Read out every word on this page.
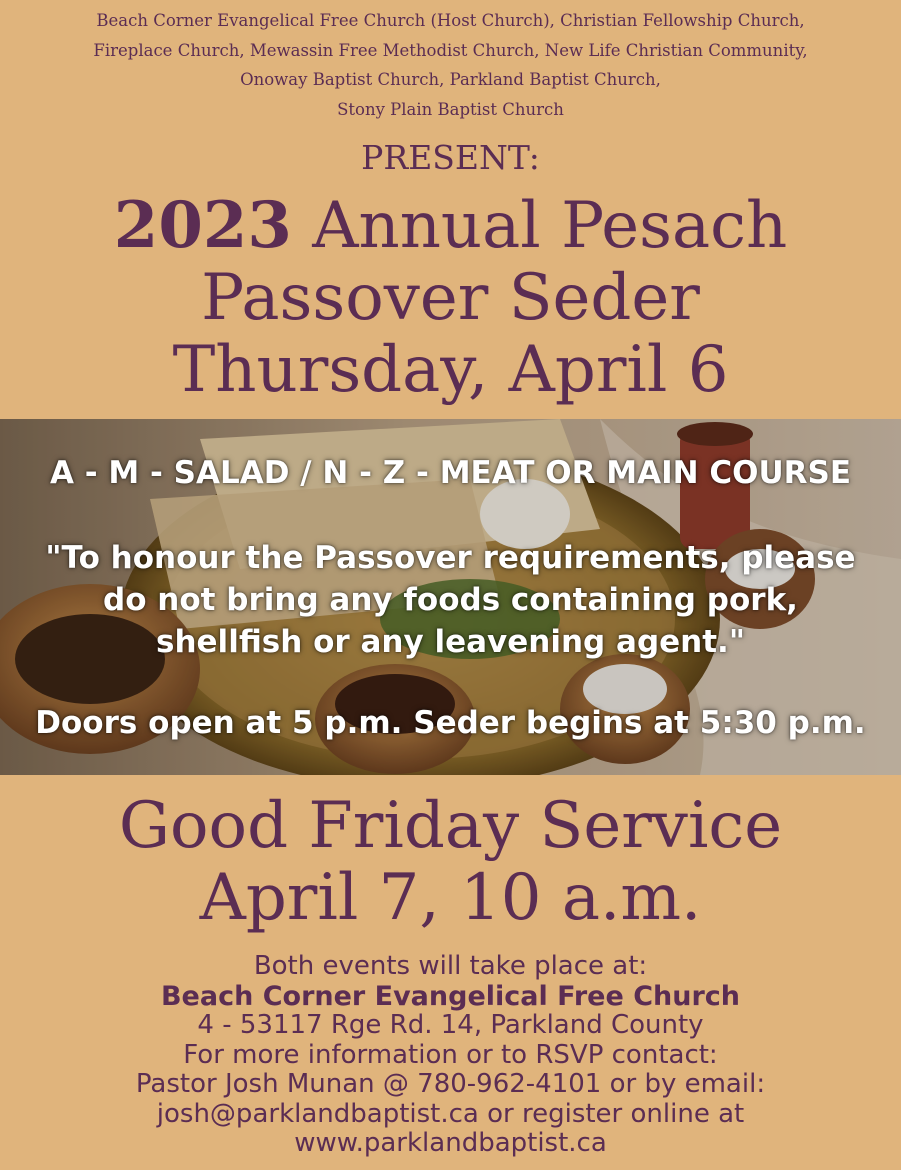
Beach Corner Evangelical Free Church (Host Church), Christian Fellowship Church,
Fireplace Church, Mewassin Free Methodist Church, New Life Christian Community,
Onoway Baptist Church, Parkland Baptist Church,
Stony Plain Baptist Church
PRESENT:
2023 Annual Pesach
Passover Seder
Thursday, April 6
A - M - SALAD / N - Z - MEAT OR MAIN COURSE
"To honour the Passover requirements, please
do not bring any foods containing pork,
shellfish or any leavening agent."
Doors open at 5 p.m. Seder begins at 5:30 p.m.
Good Friday Service
April 7, 10 a.m.
Both events will take place at:
Beach Corner Evangelical Free Church
4 - 53117 Rge Rd. 14, Parkland County
For more information or to RSVP contact:
Pastor Josh Munan @ 780-962-4101 or by email:
josh@parklandbaptist.ca or register online at
www.parklandbaptist.ca
